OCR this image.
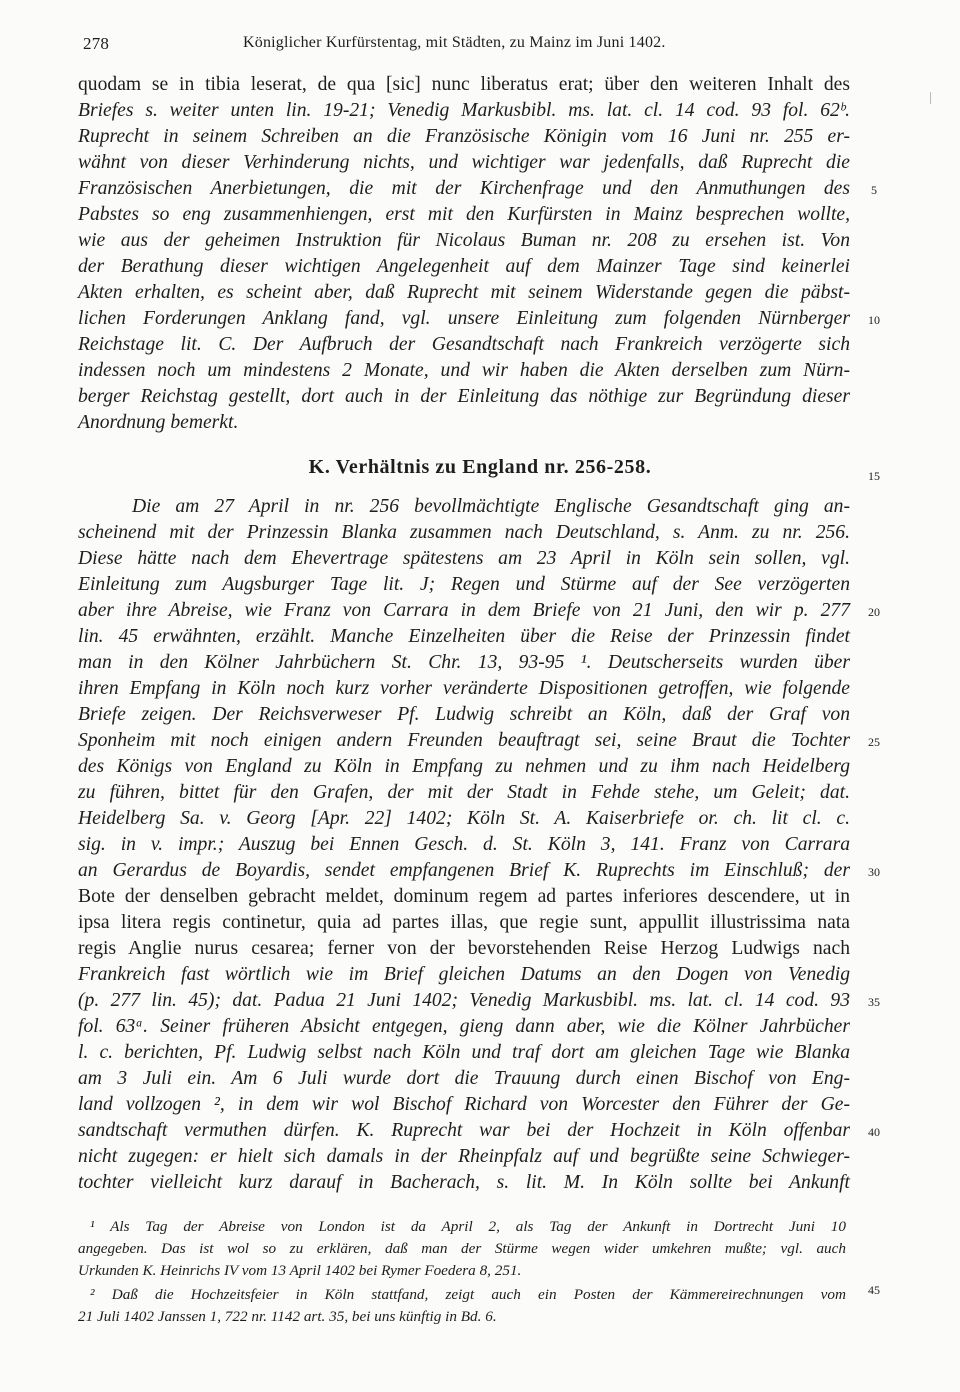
278	Königlicher Kurfürstentag, mit Städten, zu Mainz im Juni 1402.
quodam se in tibia leserat, de qua [sic] nunc liberatus erat; über den weiteren Inhalt des
Briefes s. weiter unten lin. 19-21; Venedig Markusbibl. ms. lat. cl. 14 cod. 93 fol. 62ᵇ.
Ruprecht in seinem Schreiben an die Französische Königin vom 16 Juni nr. 255 er-
wähnt von dieser Verhinderung nichts, und wichtiger war jedenfalls, daß Ruprecht die
Französischen Anerbietungen, die mit der Kirchenfrage und den Anmuthungen des
Pabstes so eng zusammenhiengen, erst mit den Kurfürsten in Mainz besprechen wollte,
wie aus der geheimen Instruktion für Nicolaus Buman nr. 208 zu ersehen ist. Von
der Berathung dieser wichtigen Angelegenheit auf dem Mainzer Tage sind keinerlei
Akten erhalten, es scheint aber, daß Ruprecht mit seinem Widerstande gegen die päbst-
lichen Forderungen Anklang fand, vgl. unsere Einleitung zum folgenden Nürnberger
Reichstage lit. C. Der Aufbruch der Gesandtschaft nach Frankreich verzögerte sich
indessen noch um mindestens 2 Monate, und wir haben die Akten derselben zum Nürn-
berger Reichstag gestellt, dort auch in der Einleitung das nöthige zur Begründung dieser
Anordnung bemerkt.
K. Verhältnis zu England nr. 256-258.
Die am 27 April in nr. 256 bevollmächtigte Englische Gesandtschaft ging an-
scheinend mit der Prinzessin Blanka zusammen nach Deutschland, s. Anm. zu nr. 256.
Diese hätte nach dem Ehevertrage spätestens am 23 April in Köln sein sollen, vgl.
Einleitung zum Augsburger Tage lit. J; Regen und Stürme auf der See verzögerten
aber ihre Abreise, wie Franz von Carrara in dem Briefe von 21 Juni, den wir p. 277
lin. 45 erwähnten, erzählt. Manche Einzelheiten über die Reise der Prinzessin findet
man in den Kölner Jahrbüchern St. Chr. 13, 93-95 ¹. Deutscherseits wurden über
ihren Empfang in Köln noch kurz vorher veränderte Dispositionen getroffen, wie folgende
Briefe zeigen. Der Reichsverweser Pf. Ludwig schreibt an Köln, daß der Graf von
Sponheim mit noch einigen andern Freunden beauftragt sei, seine Braut die Tochter
des Königs von England zu Köln in Empfang zu nehmen und zu ihm nach Heidelberg
zu führen, bittet für den Grafen, der mit der Stadt in Fehde stehe, um Geleit; dat.
Heidelberg Sa. v. Georg [Apr. 22] 1402; Köln St. A. Kaiserbriefe or. ch. lit cl. c.
sig. in v. impr.; Auszug bei Ennen Gesch. d. St. Köln 3, 141. Franz von Carrara
an Gerardus de Boyardis, sendet empfangenen Brief K. Ruprechts im Einschluß; der
Bote der denselben gebracht meldet, dominum regem ad partes inferiores descendere, ut in
ipsa litera regis continetur, quia ad partes illas, que regie sunt, appullit illustrissima nata
regis Anglie nurus cesarea; ferner von der bevorstehenden Reise Herzog Ludwigs nach
Frankreich fast wörtlich wie im Brief gleichen Datums an den Dogen von Venedig
(p. 277 lin. 45); dat. Padua 21 Juni 1402; Venedig Markusbibl. ms. lat. cl. 14 cod. 93
fol. 63ᵃ. Seiner früheren Absicht entgegen, gieng dann aber, wie die Kölner Jahrbücher
l. c. berichten, Pf. Ludwig selbst nach Köln und traf dort am gleichen Tage wie Blanka
am 3 Juli ein. Am 6 Juli wurde dort die Trauung durch einen Bischof von Eng-
land vollzogen ², in dem wir wol Bischof Richard von Worcester den Führer der Ge-
sandtschaft vermuthen dürfen. K. Ruprecht war bei der Hochzeit in Köln offenbar
nicht zugegen: er hielt sich damals in der Rheinpfalz auf und begrüßte seine Schwieger-
tochter vielleicht kurz darauf in Bacherach, s. lit. M. In Köln sollte bei Ankunft
5
10
15
20
25
30
35
40
45
¹ Als Tag der Abreise von London ist da April 2, als Tag der Ankunft in Dortrecht Juni 10
angegeben. Das ist wol so zu erklären, daß man der Stürme wegen wider umkehren mußte; vgl. auch
Urkunden K. Heinrichs IV vom 13 April 1402 bei Rymer Foedera 8, 251.
² Daß die Hochzeitsfeier in Köln stattfand, zeigt auch ein Posten der Kämmereirechnungen vom
21 Juli 1402 Janssen 1, 722 nr. 1142 art. 35, bei uns künftig in Bd. 6.
